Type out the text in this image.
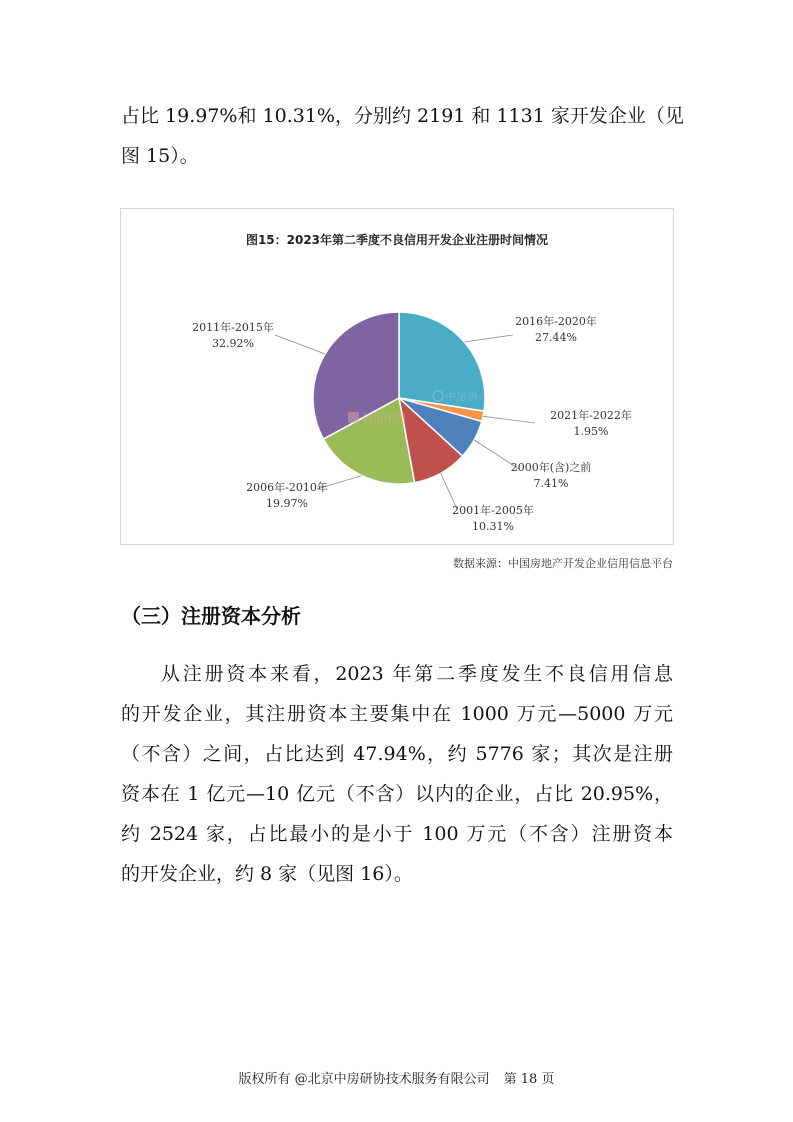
占比 19.97%和 10.31%，分别约 2191 和 1131 家开发企业（见
图 15）。
图15：2023年第二季度不良信用开发企业注册时间情况
信用中国
中房协
2016年-2020年
27.44%
2021年-2022年
1.95%
2000年(含)之前
7.41%
2001年-2005年
10.31%
2006年-2010年
19.97%
2011年-2015年
32.92%
数据来源：中国房地产开发企业信用信息平台
（三）注册资本分析
从注册资本来看，2023 年第二季度发生不良信用信息
的开发企业，其注册资本主要集中在 1000 万元—5000 万元
（不含）之间，占比达到 47.94%，约 5776 家；其次是注册
资本在 1 亿元—10 亿元（不含）以内的企业，占比 20.95%，
约 2524 家，占比最小的是小于 100 万元（不含）注册资本
的开发企业，约 8 家（见图 16）。
版权所有 @北京中房研协技术服务有限公司 第 18 页
